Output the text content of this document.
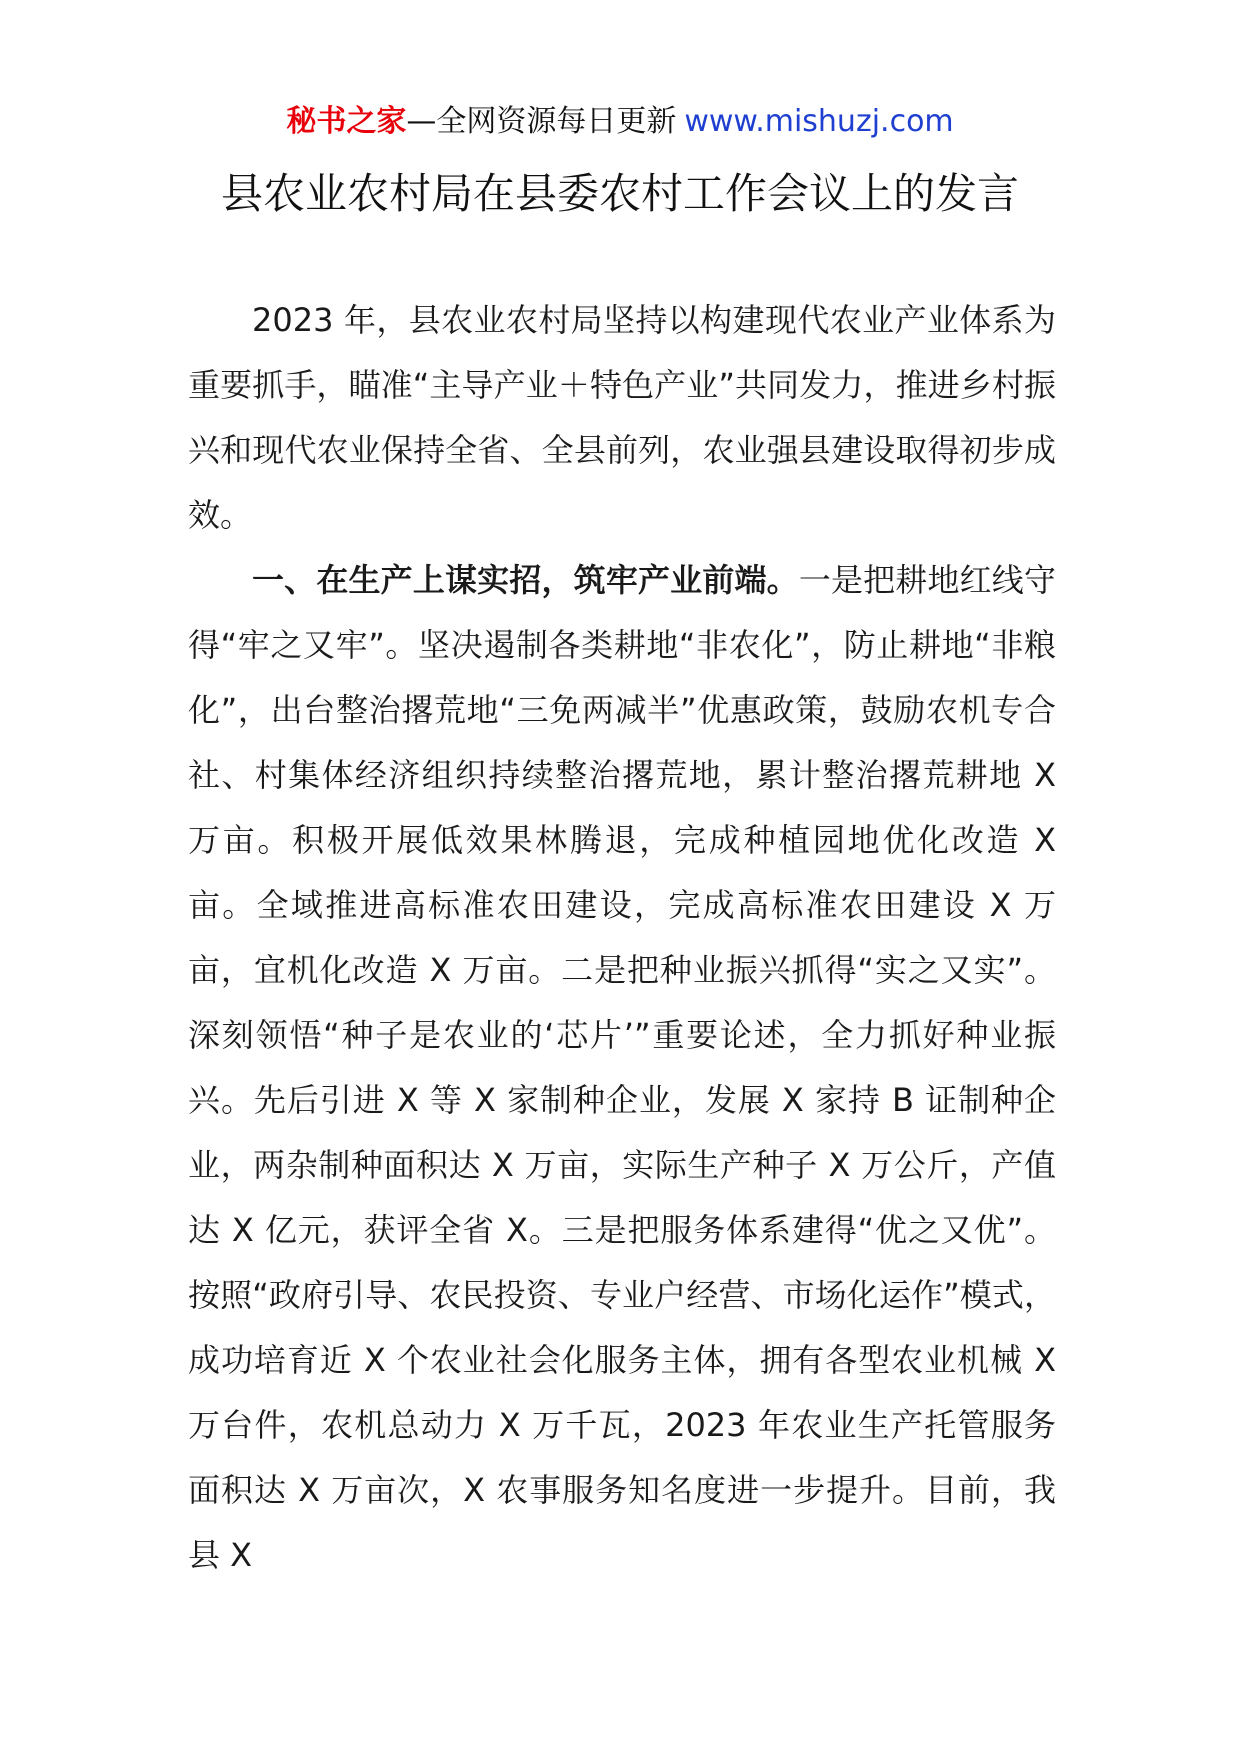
秘书之家—全网资源每日更新 www.mishuzj.com
县农业农村局在县委农村工作会议上的发言

2023 年，县农业农村局坚持以构建现代农业产业体系为重要抓手，瞄准“主导产业＋特色产业”共同发力，推进乡村振兴和现代农业保持全省、全县前列，农业强县建设取得初步成效。

一、在生产上谋实招，筑牢产业前端。一是把耕地红线守得“牢之又牢”。坚决遏制各类耕地“非农化”，防止耕地“非粮化”，出台整治撂荒地“三免两减半”优惠政策，鼓励农机专合社、村集体经济组织持续整治撂荒地，累计整治撂荒耕地 X 万亩。积极开展低效果林腾退，完成种植园地优化改造 X 亩。全域推进高标准农田建设，完成高标准农田建设 X 万亩，宜机化改造 X 万亩。二是把种业振兴抓得“实之又实”。深刻领悟“种子是农业的‘芯片’”重要论述，全力抓好种业振兴。先后引进 X 等 X 家制种企业，发展 X 家持 B 证制种企业，两杂制种面积达 X 万亩，实际生产种子 X 万公斤，产值达 X 亿元，获评全省 X。三是把服务体系建得“优之又优”。按照“政府引导、农民投资、专业户经营、市场化运作”模式，成功培育近 X 个农业社会化服务主体，拥有各型农业机械 X 万台件，农机总动力 X 万千瓦，2023 年农业生产托管服务面积达 X 万亩次，X 农事服务知名度进一步提升。目前，我县 X
